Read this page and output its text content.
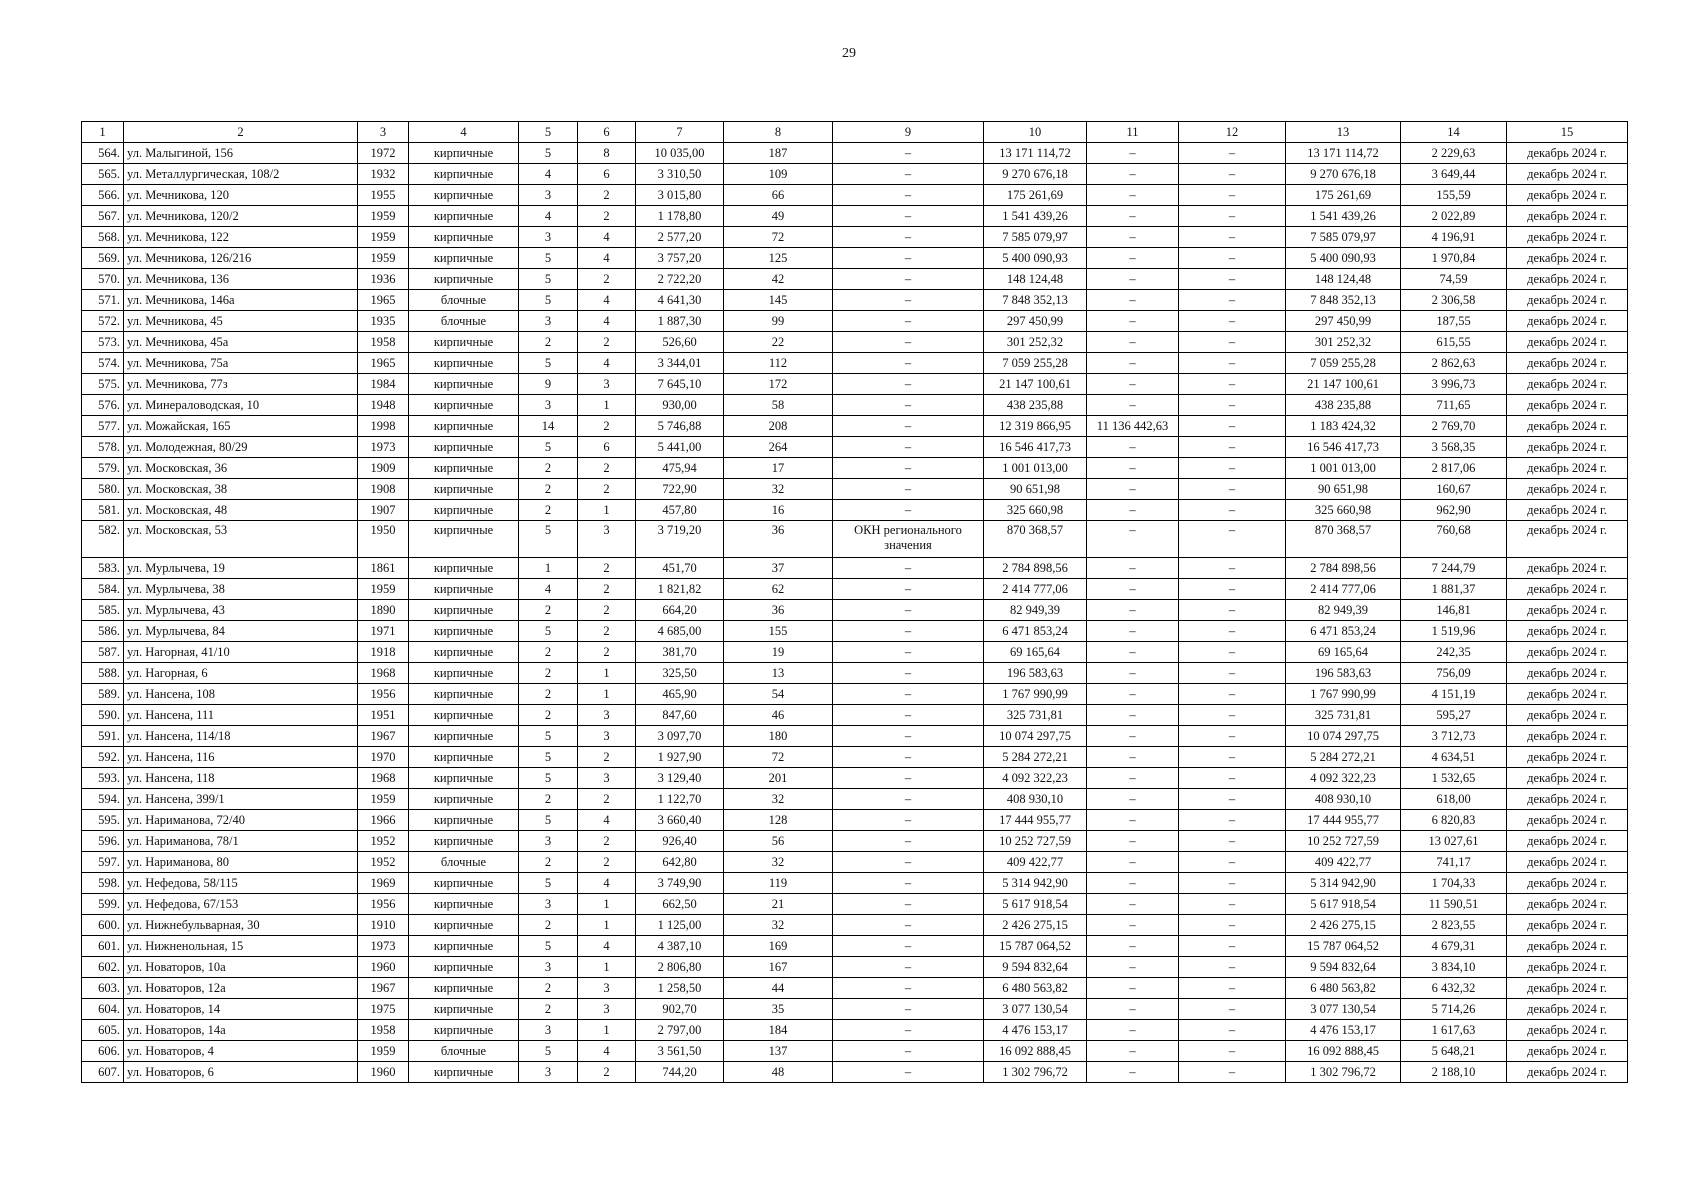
29
1	2	3	4	5	6	7	8	9	10	11	12	13	14	15
564.	ул. Малыгиной, 156	1972	кирпичные	5	8	10 035,00	187	–	13 171 114,72	–	–	13 171 114,72	2 229,63	декабрь 2024 г.
565.	ул. Металлургическая, 108/2	1932	кирпичные	4	6	3 310,50	109	–	9 270 676,18	–	–	9 270 676,18	3 649,44	декабрь 2024 г.
566.	ул. Мечникова, 120	1955	кирпичные	3	2	3 015,80	66	–	175 261,69	–	–	175 261,69	155,59	декабрь 2024 г.
567.	ул. Мечникова, 120/2	1959	кирпичные	4	2	1 178,80	49	–	1 541 439,26	–	–	1 541 439,26	2 022,89	декабрь 2024 г.
568.	ул. Мечникова, 122	1959	кирпичные	3	4	2 577,20	72	–	7 585 079,97	–	–	7 585 079,97	4 196,91	декабрь 2024 г.
569.	ул. Мечникова, 126/216	1959	кирпичные	5	4	3 757,20	125	–	5 400 090,93	–	–	5 400 090,93	1 970,84	декабрь 2024 г.
570.	ул. Мечникова, 136	1936	кирпичные	5	2	2 722,20	42	–	148 124,48	–	–	148 124,48	74,59	декабрь 2024 г.
571.	ул. Мечникова, 146а	1965	блочные	5	4	4 641,30	145	–	7 848 352,13	–	–	7 848 352,13	2 306,58	декабрь 2024 г.
572.	ул. Мечникова, 45	1935	блочные	3	4	1 887,30	99	–	297 450,99	–	–	297 450,99	187,55	декабрь 2024 г.
573.	ул. Мечникова, 45а	1958	кирпичные	2	2	526,60	22	–	301 252,32	–	–	301 252,32	615,55	декабрь 2024 г.
574.	ул. Мечникова, 75а	1965	кирпичные	5	4	3 344,01	112	–	7 059 255,28	–	–	7 059 255,28	2 862,63	декабрь 2024 г.
575.	ул. Мечникова, 77з	1984	кирпичные	9	3	7 645,10	172	–	21 147 100,61	–	–	21 147 100,61	3 996,73	декабрь 2024 г.
576.	ул. Минераловодская, 10	1948	кирпичные	3	1	930,00	58	–	438 235,88	–	–	438 235,88	711,65	декабрь 2024 г.
577.	ул. Можайская, 165	1998	кирпичные	14	2	5 746,88	208	–	12 319 866,95	11 136 442,63	–	1 183 424,32	2 769,70	декабрь 2024 г.
578.	ул. Молодежная, 80/29	1973	кирпичные	5	6	5 441,00	264	–	16 546 417,73	–	–	16 546 417,73	3 568,35	декабрь 2024 г.
579.	ул. Московская, 36	1909	кирпичные	2	2	475,94	17	–	1 001 013,00	–	–	1 001 013,00	2 817,06	декабрь 2024 г.
580.	ул. Московская, 38	1908	кирпичные	2	2	722,90	32	–	90 651,98	–	–	90 651,98	160,67	декабрь 2024 г.
581.	ул. Московская, 48	1907	кирпичные	2	1	457,80	16	–	325 660,98	–	–	325 660,98	962,90	декабрь 2024 г.
582.	ул. Московская, 53	1950	кирпичные	5	3	3 719,20	36	ОКН регионального значения	870 368,57	–	–	870 368,57	760,68	декабрь 2024 г.
583.	ул. Мурлычева, 19	1861	кирпичные	1	2	451,70	37	–	2 784 898,56	–	–	2 784 898,56	7 244,79	декабрь 2024 г.
584.	ул. Мурлычева, 38	1959	кирпичные	4	2	1 821,82	62	–	2 414 777,06	–	–	2 414 777,06	1 881,37	декабрь 2024 г.
585.	ул. Мурлычева, 43	1890	кирпичные	2	2	664,20	36	–	82 949,39	–	–	82 949,39	146,81	декабрь 2024 г.
586.	ул. Мурлычева, 84	1971	кирпичные	5	2	4 685,00	155	–	6 471 853,24	–	–	6 471 853,24	1 519,96	декабрь 2024 г.
587.	ул. Нагорная, 41/10	1918	кирпичные	2	2	381,70	19	–	69 165,64	–	–	69 165,64	242,35	декабрь 2024 г.
588.	ул. Нагорная, 6	1968	кирпичные	2	1	325,50	13	–	196 583,63	–	–	196 583,63	756,09	декабрь 2024 г.
589.	ул. Нансена, 108	1956	кирпичные	2	1	465,90	54	–	1 767 990,99	–	–	1 767 990,99	4 151,19	декабрь 2024 г.
590.	ул. Нансена, 111	1951	кирпичные	2	3	847,60	46	–	325 731,81	–	–	325 731,81	595,27	декабрь 2024 г.
591.	ул. Нансена, 114/18	1967	кирпичные	5	3	3 097,70	180	–	10 074 297,75	–	–	10 074 297,75	3 712,73	декабрь 2024 г.
592.	ул. Нансена, 116	1970	кирпичные	5	2	1 927,90	72	–	5 284 272,21	–	–	5 284 272,21	4 634,51	декабрь 2024 г.
593.	ул. Нансена, 118	1968	кирпичные	5	3	3 129,40	201	–	4 092 322,23	–	–	4 092 322,23	1 532,65	декабрь 2024 г.
594.	ул. Нансена, 399/1	1959	кирпичные	2	2	1 122,70	32	–	408 930,10	–	–	408 930,10	618,00	декабрь 2024 г.
595.	ул. Нариманова, 72/40	1966	кирпичные	5	4	3 660,40	128	–	17 444 955,77	–	–	17 444 955,77	6 820,83	декабрь 2024 г.
596.	ул. Нариманова, 78/1	1952	кирпичные	3	2	926,40	56	–	10 252 727,59	–	–	10 252 727,59	13 027,61	декабрь 2024 г.
597.	ул. Нариманова, 80	1952	блочные	2	2	642,80	32	–	409 422,77	–	–	409 422,77	741,17	декабрь 2024 г.
598.	ул. Нефедова, 58/115	1969	кирпичные	5	4	3 749,90	119	–	5 314 942,90	–	–	5 314 942,90	1 704,33	декабрь 2024 г.
599.	ул. Нефедова, 67/153	1956	кирпичные	3	1	662,50	21	–	5 617 918,54	–	–	5 617 918,54	11 590,51	декабрь 2024 г.
600.	ул. Нижнебульварная, 30	1910	кирпичные	2	1	1 125,00	32	–	2 426 275,15	–	–	2 426 275,15	2 823,55	декабрь 2024 г.
601.	ул. Нижненольная, 15	1973	кирпичные	5	4	4 387,10	169	–	15 787 064,52	–	–	15 787 064,52	4 679,31	декабрь 2024 г.
602.	ул. Новаторов, 10а	1960	кирпичные	3	1	2 806,80	167	–	9 594 832,64	–	–	9 594 832,64	3 834,10	декабрь 2024 г.
603.	ул. Новаторов, 12а	1967	кирпичные	2	3	1 258,50	44	–	6 480 563,82	–	–	6 480 563,82	6 432,32	декабрь 2024 г.
604.	ул. Новаторов, 14	1975	кирпичные	2	3	902,70	35	–	3 077 130,54	–	–	3 077 130,54	5 714,26	декабрь 2024 г.
605.	ул. Новаторов, 14а	1958	кирпичные	3	1	2 797,00	184	–	4 476 153,17	–	–	4 476 153,17	1 617,63	декабрь 2024 г.
606.	ул. Новаторов, 4	1959	блочные	5	4	3 561,50	137	–	16 092 888,45	–	–	16 092 888,45	5 648,21	декабрь 2024 г.
607.	ул. Новаторов, 6	1960	кирпичные	3	2	744,20	48	–	1 302 796,72	–	–	1 302 796,72	2 188,10	декабрь 2024 г.
